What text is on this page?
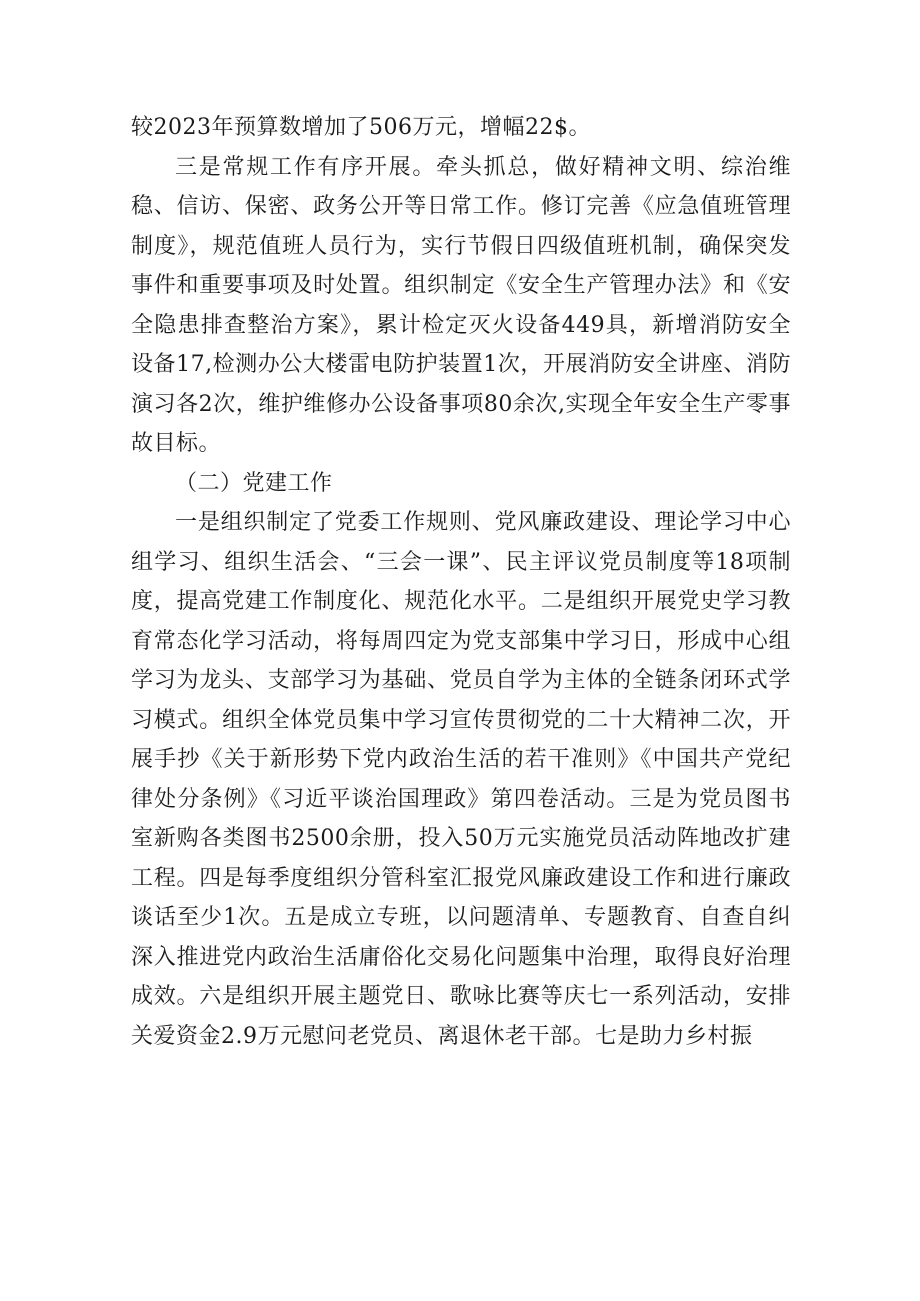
较2023年预算数增加了506万元，增幅22$。

三是常规工作有序开展。牵头抓总，做好精神文明、综治维稳、信访、保密、政务公开等日常工作。修订完善《应急值班管理制度》，规范值班人员行为，实行节假日四级值班机制，确保突发事件和重要事项及时处置。组织制定《安全生产管理办法》和《安全隐患排查整治方案》，累计检定灭火设备449具，新增消防安全设备17,检测办公大楼雷电防护装置1次，开展消防安全讲座、消防演习各2次，维护维修办公设备事项80余次,实现全年安全生产零事故目标。

（二）党建工作

一是组织制定了党委工作规则、党风廉政建设、理论学习中心组学习、组织生活会、“三会一课”、民主评议党员制度等18项制度，提高党建工作制度化、规范化水平。二是组织开展党史学习教育常态化学习活动，将每周四定为党支部集中学习日，形成中心组学习为龙头、支部学习为基础、党员自学为主体的全链条闭环式学习模式。组织全体党员集中学习宣传贯彻党的二十大精神二次，开展手抄《关于新形势下党内政治生活的若干准则》《中国共产党纪律处分条例》《习近平谈治国理政》第四卷活动。三是为党员图书室新购各类图书2500余册，投入50万元实施党员活动阵地改扩建工程。四是每季度组织分管科室汇报党风廉政建设工作和进行廉政谈话至少1次。五是成立专班，以问题清单、专题教育、自查自纠深入推进党内政治生活庸俗化交易化问题集中治理，取得良好治理成效。六是组织开展主题党日、歌咏比赛等庆七一系列活动，安排关爱资金2.9万元慰问老党员、离退休老干部。七是助力乡村振
